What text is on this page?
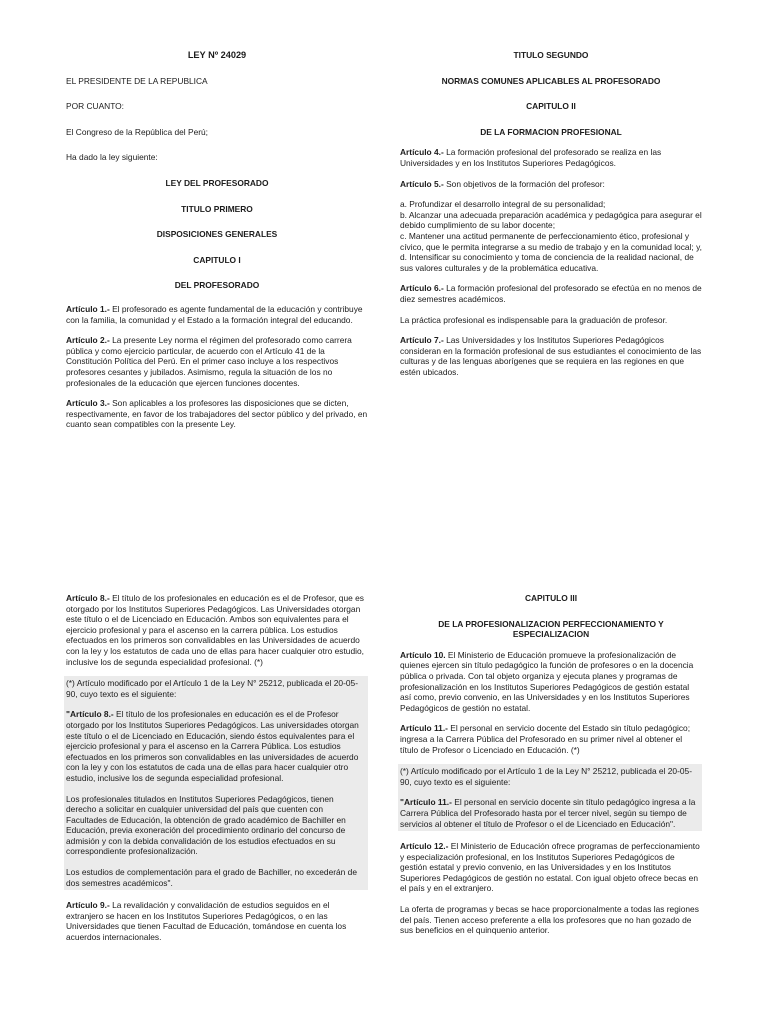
LEY Nº 24029

EL PRESIDENTE DE LA REPUBLICA

POR CUANTO:

El Congreso de la República del Perú;

Ha dado la ley siguiente:

LEY DEL PROFESORADO

TITULO PRIMERO

DISPOSICIONES GENERALES

CAPITULO I

DEL PROFESORADO

Artículo 1.- El profesorado es agente fundamental de la educación y contribuye con la familia, la comunidad y el Estado a la formación integral del educando.

Artículo 2.- La presente Ley norma el régimen del profesorado como carrera pública y como ejercicio particular, de acuerdo con el Artículo 41 de la Constitución Política del Perú. En el primer caso incluye a los respectivos profesores cesantes y jubilados. Asimismo, regula la situación de los no profesionales de la educación que ejercen funciones docentes.

Artículo 3.- Son aplicables a los profesores las disposiciones que se dicten, respectivamente, en favor de los trabajadores del sector público y del privado, en cuanto sean compatibles con la presente Ley.

TITULO SEGUNDO

NORMAS COMUNES APLICABLES AL PROFESORADO

CAPITULO II

DE LA FORMACION PROFESIONAL

Artículo 4.- La formación profesional del profesorado se realiza en las Universidades y en los Institutos Superiores Pedagógicos.

Artículo 5.- Son objetivos de la formación del profesor:

a. Profundizar el desarrollo integral de su personalidad;
b. Alcanzar una adecuada preparación académica y pedagógica para asegurar el debido cumplimiento de su labor docente;
c. Mantener una actitud permanente de perfeccionamiento ético, profesional y cívico, que le permita integrarse a su medio de trabajo y en la comunidad local; y,
d. Intensificar su conocimiento y toma de conciencia de la realidad nacional, de sus valores culturales y de la problemática educativa.

Artículo 6.- La formación profesional del profesorado se efectúa en no menos de diez semestres académicos.

La práctica profesional es indispensable para la graduación de profesor.

Artículo 7.- Las Universidades y los Institutos Superiores Pedagógicos consideran en la formación profesional de sus estudiantes el conocimiento de las culturas y de las lenguas aborígenes que se requiera en las regiones en que estén ubicados.

Artículo 8.- El título de los profesionales en educación es el de Profesor, que es otorgado por los Institutos Superiores Pedagógicos. Las Universidades otorgan este título o el de Licenciado en Educación. Ambos son equivalentes para el ejercicio profesional y para el ascenso en la carrera pública. Los estudios efectuados en los primeros son convalidables en las Universidades de acuerdo con la ley y los estatutos de cada uno de ellas para hacer cualquier otro estudio, inclusive los de segunda especialidad profesional. (*)

(*) Artículo modificado por el Artículo 1 de la Ley N° 25212, publicada el 20-05-90, cuyo texto es el siguiente:

"Artículo 8.- El título de los profesionales en educación es el de Profesor otorgado por los Institutos Superiores Pedagógicos. Las universidades otorgan este título o el de Licenciado en Educación, siendo éstos equivalentes para el ejercicio profesional y para el ascenso en la Carrera Pública. Los estudios efectuados en los primeros son convalidables en las universidades de acuerdo con la ley y con los estatutos de cada una de ellas para hacer cualquier otro estudio, inclusive los de segunda especialidad profesional.

Los profesionales titulados en Institutos Superiores Pedagógicos, tienen derecho a solicitar en cualquier universidad del país que cuenten con Facultades de Educación, la obtención de grado académico de Bachiller en Educación, previa exoneración del procedimiento ordinario del concurso de admisión y con la debida convalidación de los estudios efectuados en su correspondiente profesionalización.

Los estudios de complementación para el grado de Bachiller, no excederán de dos semestres académicos".

Artículo 9.- La revalidación y convalidación de estudios seguidos en el extranjero se hacen en los Institutos Superiores Pedagógicos, o en las Universidades que tienen Facultad de Educación, tomándose en cuenta los acuerdos internacionales.

CAPITULO III

DE LA PROFESIONALIZACION PERFECCIONAMIENTO Y ESPECIALIZACION

Artículo 10. El Ministerio de Educación promueve la profesionalización de quienes ejercen sin título pedagógico la función de profesores o en la docencia pública o privada. Con tal objeto organiza y ejecuta planes y programas de profesionalización en los Institutos Superiores Pedagógicos de gestión estatal así como, previo convenio, en las Universidades y en los Institutos Superiores Pedagógicos de gestión no estatal.

Artículo 11.- El personal en servicio docente del Estado sin título pedagógico; ingresa a la Carrera Pública del Profesorado en su primer nivel al obtener el título de Profesor o Licenciado en Educación. (*)

(*) Artículo modificado por el Artículo 1 de la Ley N° 25212, publicada el 20-05-90, cuyo texto es el siguiente:

"Artículo 11.- El personal en servicio docente sin título pedagógico ingresa a la Carrera Pública del Profesorado hasta por el tercer nivel, según su tiempo de servicios al obtener el título de Profesor o el de Licenciado en Educación".

Artículo 12.- El Ministerio de Educación ofrece programas de perfeccionamiento y especialización profesional, en los Institutos Superiores Pedagógicos de gestión estatal y previo convenio, en las Universidades y en los Institutos Superiores Pedagógicos de gestión no estatal. Con igual objeto ofrece becas en el país y en el extranjero.

La oferta de programas y becas se hace proporcionalmente a todas las regiones del país. Tienen acceso preferente a ella los profesores que no han gozado de sus beneficios en el quinquenio anterior.
